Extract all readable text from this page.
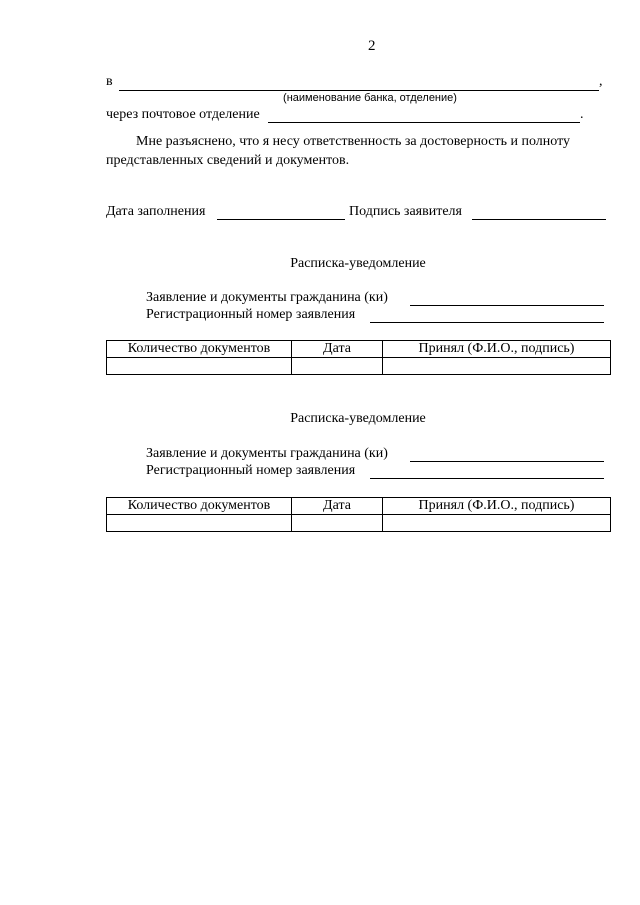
2
в	,
(наименование банка, отделение)
через почтовое отделение	.
Мне разъяснено, что я несу ответственность за достоверность и полноту
представленных сведений и документов.
Дата заполнения	Подпись заявителя
Расписка-уведомление
Заявление и документы гражданина (ки)
Регистрационный номер заявления
Количество документов	Дата	Принял (Ф.И.О., подпись)

Расписка-уведомление
Заявление и документы гражданина (ки)
Регистрационный номер заявления
Количество документов	Дата	Принял (Ф.И.О., подпись)
